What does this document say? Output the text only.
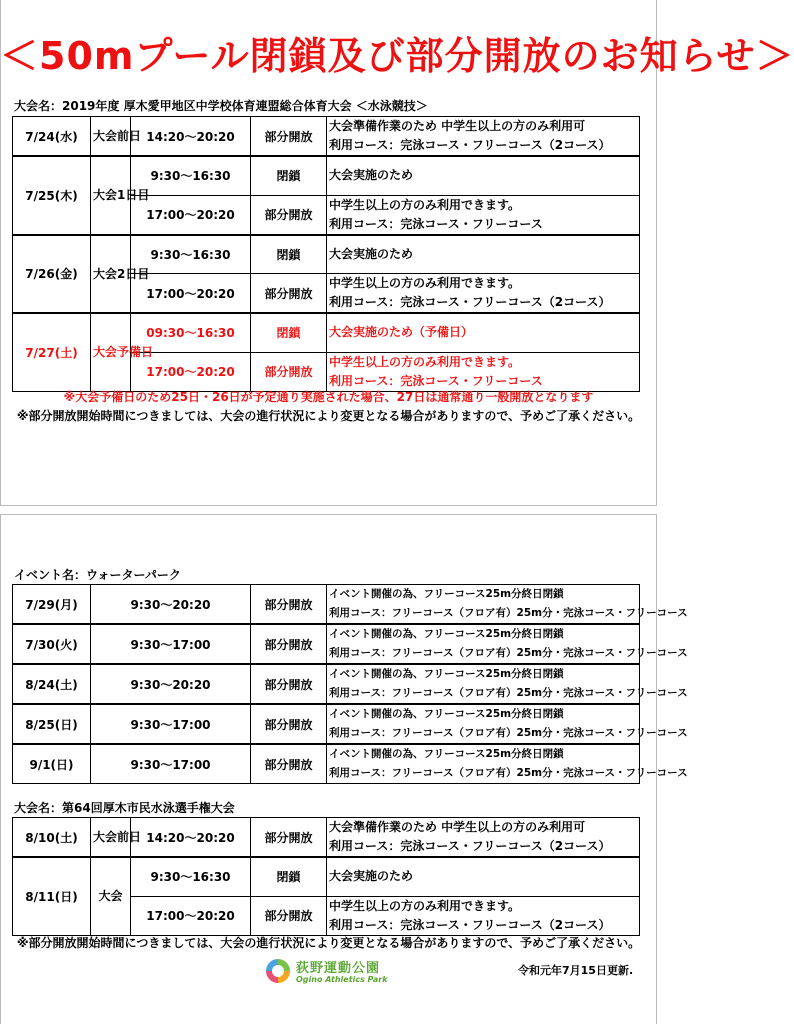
＜50mプール閉鎖及び部分開放のお知らせ＞
大会名：2019年度 厚木愛甲地区中学校体育連盟総合体育大会 ＜水泳競技＞
7/24(水)	大会前日	14:20～20:20	部分開放	大会準備作業のため 中学生以上の方のみ利用可
利用コース：完泳コース・フリーコース（2コース）

7/25(木)	大会1日目	9:30～16:30	閉鎖	大会実施のため

		17:00～20:20	部分開放	中学生以上の方のみ利用できます。
利用コース：完泳コース・フリーコース

7/26(金)	大会2日目	9:30～16:30	閉鎖	大会実施のため

		17:00～20:20	部分開放	中学生以上の方のみ利用できます。
利用コース：完泳コース・フリーコース（2コース）

7/27(土)	大会予備日	09:30～16:30	閉鎖	大会実施のため（予備日）

		17:00～20:20	部分開放	中学生以上の方のみ利用できます。
利用コース：完泳コース・フリーコース
※大会予備日のため25日・26日が予定通り実施された場合、27日は通常通り一般開放となります
※部分開放開始時間につきましては、大会の進行状況により変更となる場合がありますので、予めご了承ください。
イベント名：ウォーターパーク
7/29(月)	9:30～20:20	部分開放	イベント開催の為、フリーコース25m分終日閉鎖
利用コース：フリーコース（フロア有）25m分・完泳コース・フリーコース

7/30(火)	9:30～17:00	部分開放	イベント開催の為、フリーコース25m分終日閉鎖
利用コース：フリーコース（フロア有）25m分・完泳コース・フリーコース

8/24(土)	9:30～20:20	部分開放	イベント開催の為、フリーコース25m分終日閉鎖
利用コース：フリーコース（フロア有）25m分・完泳コース・フリーコース

8/25(日)	9:30～17:00	部分開放	イベント開催の為、フリーコース25m分終日閉鎖
利用コース：フリーコース（フロア有）25m分・完泳コース・フリーコース

9/1(日)	9:30～17:00	部分開放	イベント開催の為、フリーコース25m分終日閉鎖
利用コース：フリーコース（フロア有）25m分・完泳コース・フリーコース
大会名：第64回厚木市民水泳選手権大会
8/10(土)	大会前日	14:20～20:20	部分開放	大会準備作業のため 中学生以上の方のみ利用可
利用コース：完泳コース・フリーコース（2コース）

8/11(日)	大会	9:30～16:30	閉鎖	大会実施のため

		17:00～20:20	部分開放	中学生以上の方のみ利用できます。
利用コース：完泳コース・フリーコース（2コース）
※部分開放開始時間につきましては、大会の進行状況により変更となる場合がありますので、予めご了承ください。
荻野運動公園
Ogino Athletics Park
令和元年7月15日更新.
